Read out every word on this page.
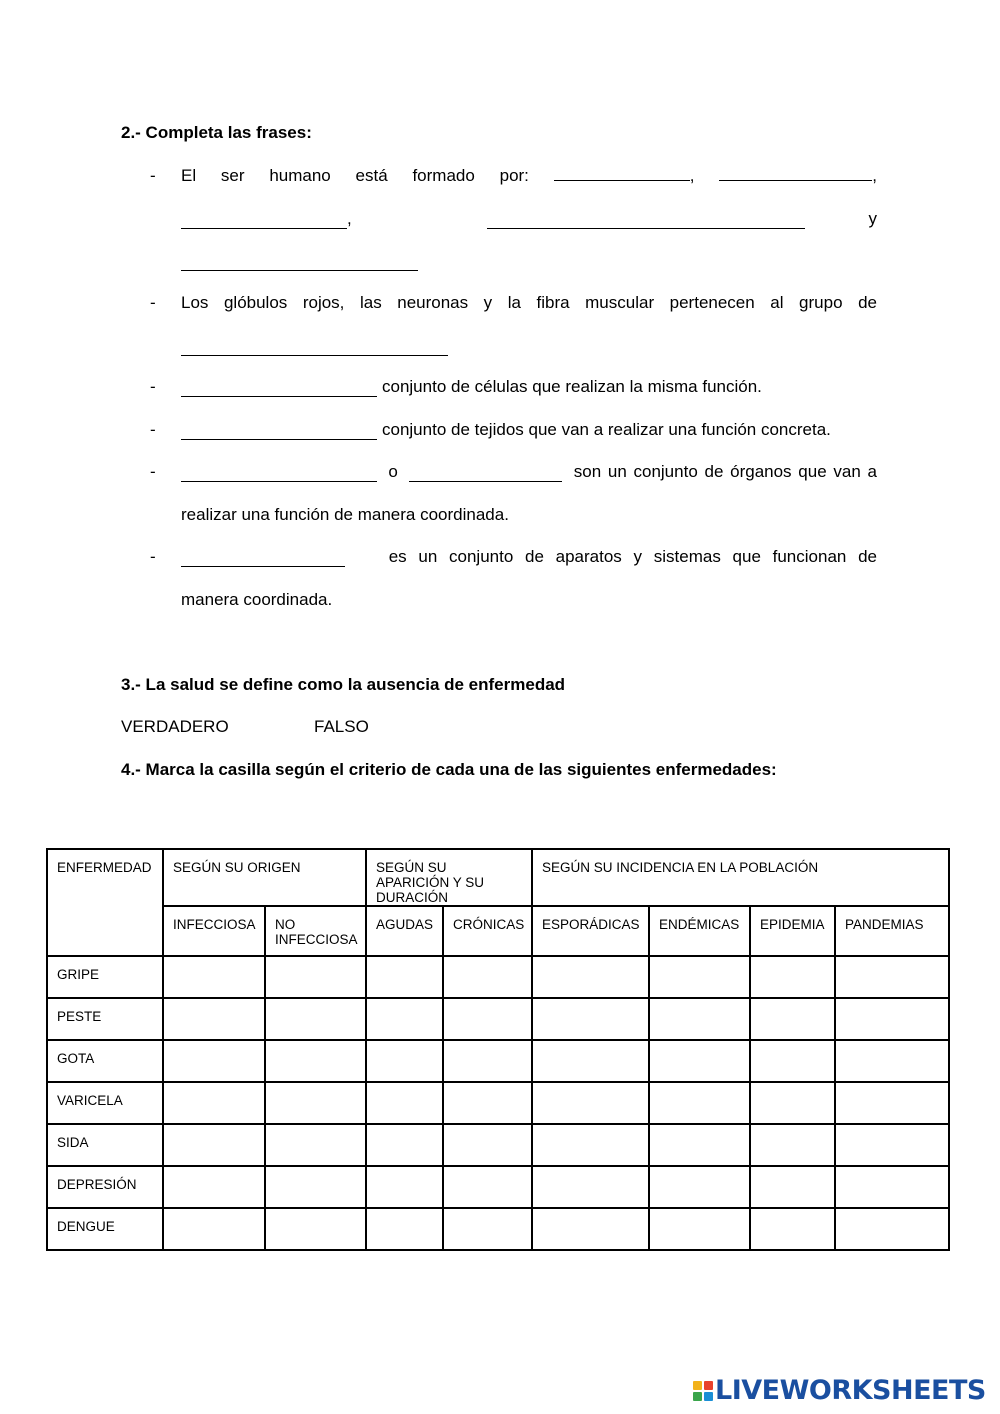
2.- Completa las frases:
- El ser humano está formado por:	,	,
,	y
- Los glóbulos rojos, las neuronas y la fibra muscular pertenecen al grupo de
-	conjunto de células que realizan la misma función.
-	conjunto de tejidos que van a realizar una función concreta.
-	o	son un conjunto de órganos que van a
realizar una función de manera coordinada.
-	es un conjunto de aparatos y sistemas que funcionan de
manera coordinada.
3.- La salud se define como la ausencia de enfermedad
VERDADERO	FALSO
4.- Marca la casilla según el criterio de cada una de las siguientes enfermedades:
ENFERMEDAD	SEGÚN SU ORIGEN		SEGÚN SU APARICIÓN Y SU DURACIÓN		SEGÚN SU INCIDENCIA EN LA POBLACIÓN			
	INFECCIOSA	NO INFECCIOSA	AGUDAS	CRÓNICAS	ESPORÁDICAS	ENDÉMICAS	EPIDEMIA	PANDEMIAS
GRIPE								
PESTE								
GOTA								
VARICELA								
SIDA								
DEPRESIÓN								
DENGUE								
LIVEWORKSHEETS
